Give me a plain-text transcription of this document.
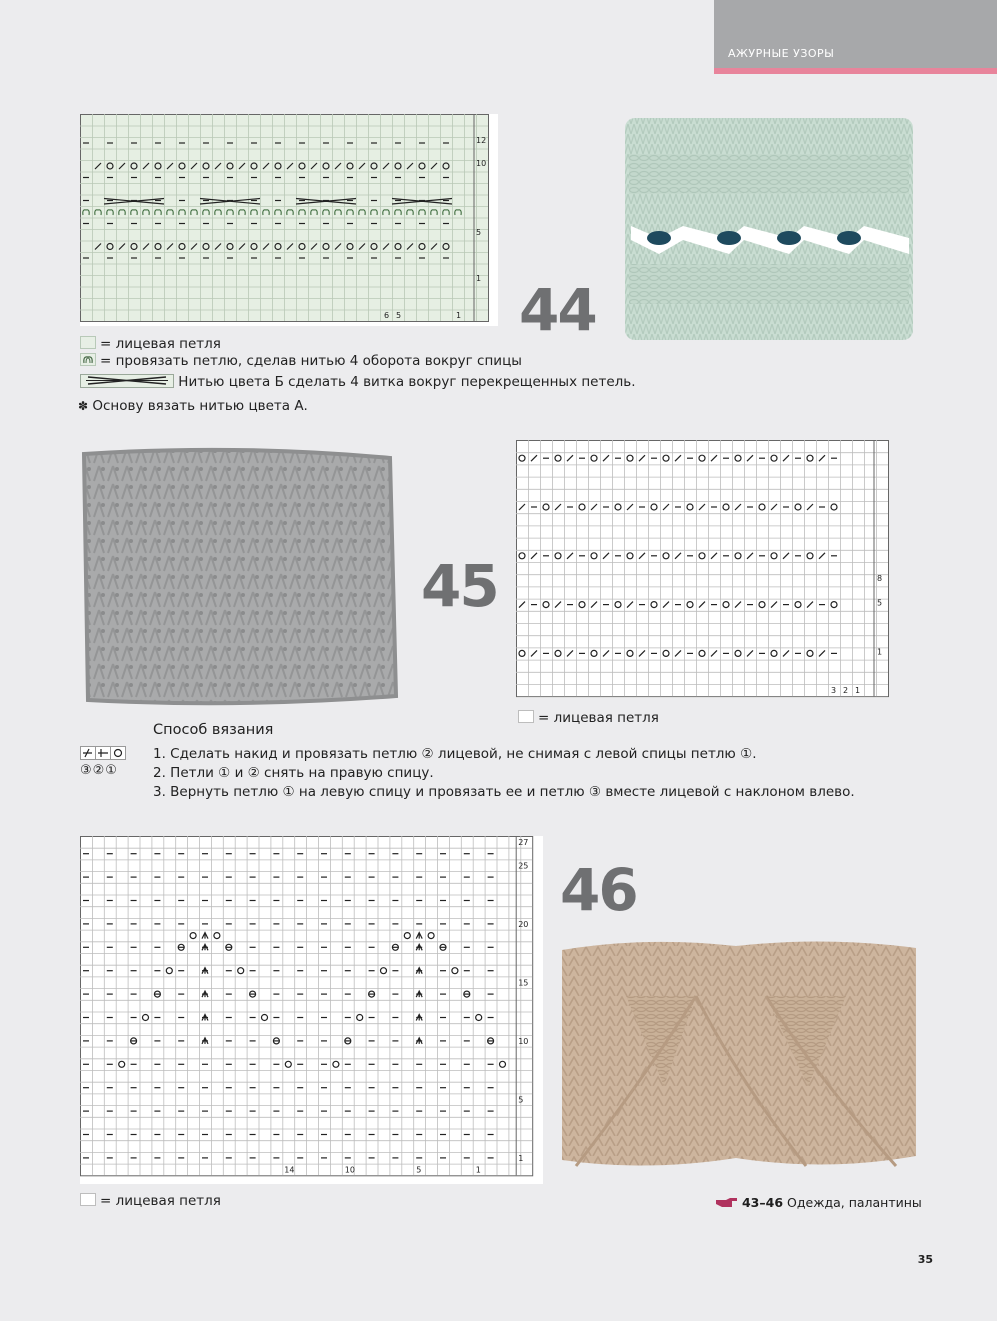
АЖУРНЫЕ УЗОРЫ
12
10
5
1
6 5	1 44
= лицевая петля
= провязать петлю, сделав нитью 4 оборота вокруг спицы
Нитью цвета Б сделать 4 витка вокруг перекрещенных петель.
✽ Основу вязать нитью цвета А.
45	8
5
1
3 2 1
= лицевая петля
Способ вязания
③②①
1. Сделать накид и провязать петлю ② лицевой, не снимая с левой спицы петлю ①.
2. Петли ① и ② снять на правую спицу.
3. Вернуть петлю ① на левую спицу и провязать ее и петлю ③ вместе лицевой с наклоном влево.
27
25
20
15
10
5
1
14	10	5	1
46
= лицевая петля	43–46 Одежда, палантины
35
